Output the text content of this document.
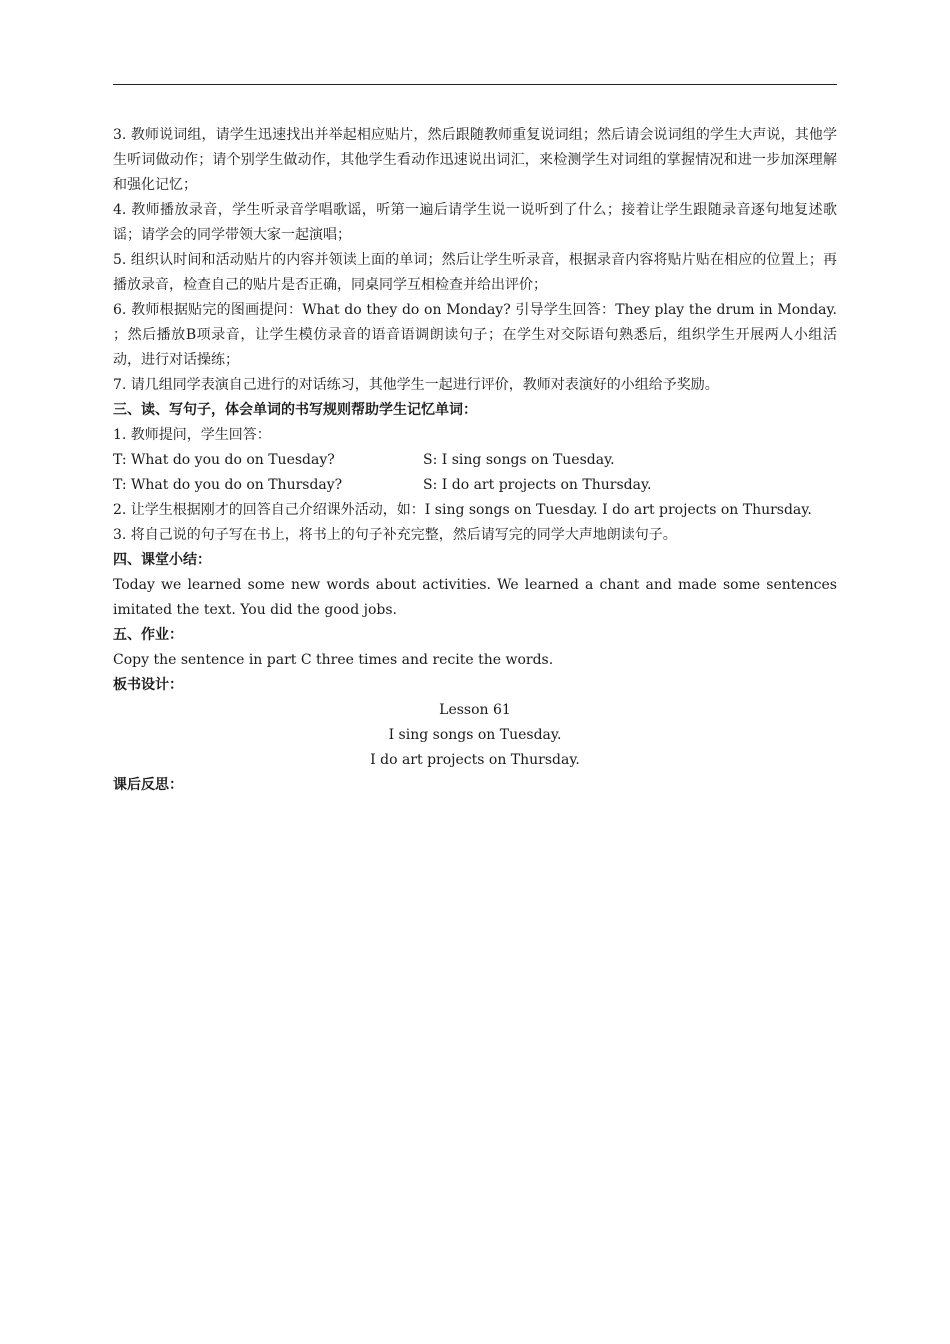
3. 教师说词组，请学生迅速找出并举起相应贴片，然后跟随教师重复说词组；然后请会说词组的学生大声说，其他学生听词做动作；请个别学生做动作，其他学生看动作迅速说出词汇，来检测学生对词组的掌握情况和进一步加深理解和强化记忆；

4. 教师播放录音，学生听录音学唱歌谣，听第一遍后请学生说一说听到了什么；接着让学生跟随录音逐句地复述歌谣；请学会的同学带领大家一起演唱；

5. 组织认时间和活动贴片的内容并领读上面的单词；然后让学生听录音，根据录音内容将贴片贴在相应的位置上；再播放录音，检查自己的贴片是否正确，同桌同学互相检查并给出评价；

6. 教师根据贴完的图画提问：What do they do on Monday? 引导学生回答：They play the drum in Monday. ；然后播放B项录音，让学生模仿录音的语音语调朗读句子；在学生对交际语句熟悉后，组织学生开展两人小组活动，进行对话操练；

7. 请几组同学表演自己进行的对话练习，其他学生一起进行评价，教师对表演好的小组给予奖励。

三、读、写句子，体会单词的书写规则帮助学生记忆单词：

1. 教师提问，学生回答：

T: What do you do on Tuesday?	S: I sing songs on Tuesday.
T: What do you do on Thursday?	S: I do art projects on Thursday.

2. 让学生根据刚才的回答自己介绍课外活动，如：I sing songs on Tuesday. I do art projects on Thursday.

3. 将自己说的句子写在书上，将书上的句子补充完整，然后请写完的同学大声地朗读句子。

四、课堂小结：

Today we learned some new words about activities. We learned a chant and made some sentences imitated the text. You did the good jobs.

五、作业：

Copy the sentence in part C three times and recite the words.

板书设计：

Lesson 61

I sing songs on Tuesday.

I do art projects on Thursday.

课后反思：
